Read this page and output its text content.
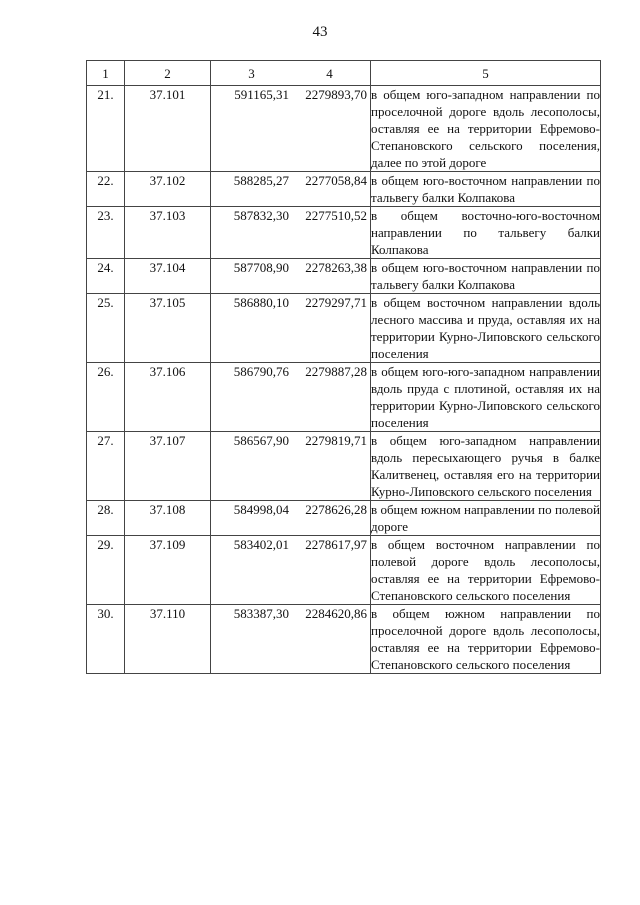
43
1	2	3 4	5
21.	37.101	591165,31 2279893,70	в общем юго-западном направлении по проселочной дороге вдоль лесополосы, оставляя ее на территории Ефремово-Степановского сельского поселения, далее по этой дороге
22.	37.102	588285,27 2277058,84	в общем юго-восточном направлении по тальвегу балки Колпакова
23.	37.103	587832,30 2277510,52	в общем восточно-юго-восточном направлении по тальвегу балки Колпакова
24.	37.104	587708,90 2278263,38	в общем юго-восточном направлении по тальвегу балки Колпакова
25.	37.105	586880,10 2279297,71	в общем восточном направлении вдоль лесного массива и пруда, оставляя их на территории Курно-Липовского сельского поселения
26.	37.106	586790,76 2279887,28	в общем юго-юго-западном направлении вдоль пруда с плотиной, оставляя их на территории Курно-Липовского сельского поселения
27.	37.107	586567,90 2279819,71	в общем юго-западном направлении вдоль пересыхающего ручья в балке Калитвенец, оставляя его на территории Курно-Липовского сельского поселения
28.	37.108	584998,04 2278626,28	в общем южном направлении по полевой дороге
29.	37.109	583402,01 2278617,97	в общем восточном направлении по полевой дороге вдоль лесополосы, оставляя ее на территории Ефремово-Степановского сельского поселения
30.	37.110	583387,30 2284620,86	в общем южном направлении по проселочной дороге вдоль лесополосы, оставляя ее на территории Ефремово-Степановского сельского поселения
